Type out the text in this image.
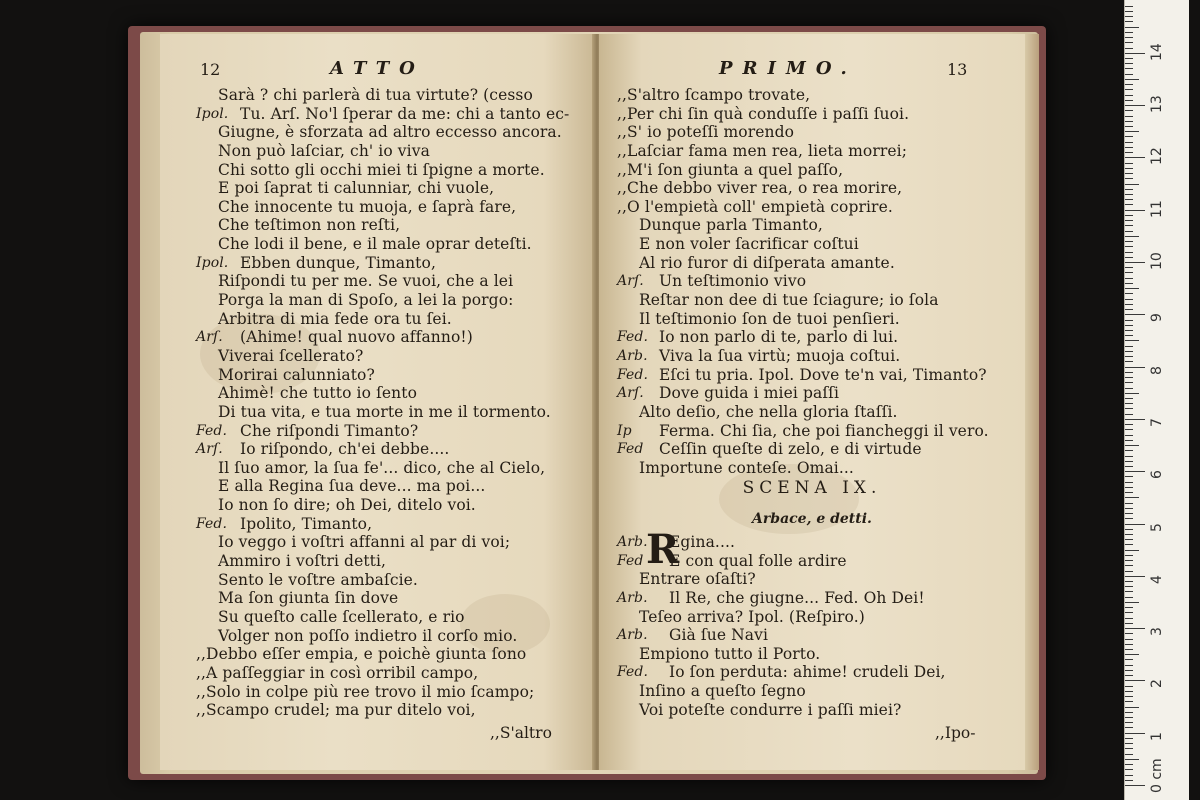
12	ATTO
Sarà ? chi parlerà di tua virtute? (cesso
Ipol. Tu. Arſ. No'l ſperar da me: chi a tanto ec-
Giugne, è sforzata ad altro eccesso ancora.
Non può laſciar, ch' io viva
Chi sotto gli occhi miei ti ſpigne a morte.
E poi ſaprat ti calunniar, chi vuole,
Che innocente tu muoja, e ſaprà fare,
Che teſtimon non reſti,
Che lodi il bene, e il male oprar deteſti.
Ipol. Ebben dunque, Timanto,
Riſpondi tu per me. Se vuoi, che a lei
Porga la man di Spoſo, a lei la porgo:
Arbitra di mia fede ora tu ſei.
Arſ. (Ahime! qual nuovo affanno!)
Viverai ſcellerato?
Morirai calunniato?
Ahimè! che tutto io ſento
Di tua vita, e tua morte in me il tormento.
Fed. Che riſpondi Timanto?
Arſ. Io riſpondo, ch'ei debbe....
Il ſuo amor, la ſua fe'... dico, che al Cielo,
E alla Regina ſua deve... ma poi...
Io non ſo dire; oh Dei, ditelo voi.
Fed. Ipolito, Timanto,
Io veggo i voſtri affanni al par di voi;
Ammiro i voſtri detti,
Sento le voſtre ambaſcie.
Ma ſon giunta ſin dove
Su queſto calle ſcellerato, e rio
Volger non poſſo indietro il corſo mio.
,,Debbo eſſer empia, e poichè giunta ſono
,,A paſſeggiar in così orribil campo,
,,Solo in colpe più ree trovo il mio ſcampo;
,,Scampo crudel; ma pur ditelo voi,
,,S'altro
PRIMO.	13
,,S'altro ſcampo trovate,
,,Per chi ſin quà conduſſe i paſſi ſuoi.
,,S' io poteſſi morendo
,,Laſciar fama men rea, lieta morrei;
,,M'i ſon giunta a quel paſſo,
,,Che debbo viver rea, o rea morire,
,,O l'empietà coll' empietà coprire.
Dunque parla Timanto,
E non voler ſacrificar coſtui
Al rio furor di diſperata amante.
Arſ. Un teſtimonio vivo
Reſtar non dee di tue ſciagure; io ſola
Il teſtimonio ſon de tuoi penſieri.
Fed. Io non parlo di te, parlo di lui.
Arb. Viva la ſua virtù; muoja coſtui.
Fed. Eſci tu pria. Ipol. Dove te'n vai, Timanto?
Arſ. Dove guida i miei paſſi
Alto deſio, che nella gloria ſtaſſi.
Ip Ferma. Chi ſia, che poi fiancheggi il vero.
Fed Ceſſin queſte di zelo, e di virtude
Importune conteſe. Omai...
SCENA IX.
Arbace, e detti.
Arb. Egina....
Fed E con qual folle ardire
Entrare oſaſti?
Arb. Il Re, che giugne... Fed. Oh Dei!
Teſeo arriva? Ipol. (Reſpiro.)
Arb. Già ſue Navi
Empiono tutto il Porto.
Fed. Io ſon perduta: ahime! crudeli Dei,
Inſino a queſto ſegno
Voi poteſte condurre i paſſi miei?
R
,,Ipo-
0 cm
1
2
3
4
5
6
7
8
9
10
11
12
13
14
